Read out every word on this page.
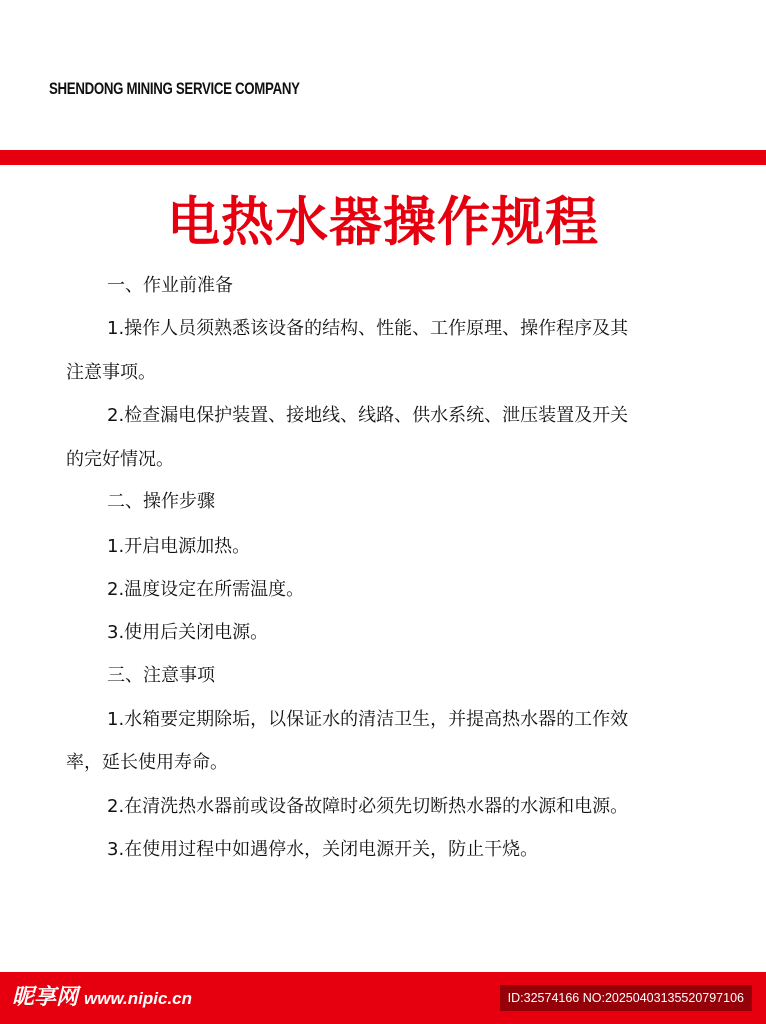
SHENDONG MINING SERVICE COMPANY
电热水器操作规程
一、作业前准备
1.操作人员须熟悉该设备的结构、性能、工作原理、操作程序及其
注意事项。
2.检查漏电保护装置、接地线、线路、供水系统、泄压装置及开关
的完好情况。
二、操作步骤
1.开启电源加热。
2.温度设定在所需温度。
3.使用后关闭电源。
三、注意事项
1.水箱要定期除垢，以保证水的清洁卫生，并提高热水器的工作效
率，延长使用寿命。
2.在清洗热水器前或设备故障时必须先切断热水器的水源和电源。
3.在使用过程中如遇停水，关闭电源开关，防止干烧。
昵享网 www.nipic.cn	ID:32574166 NO:20250403135520797106
